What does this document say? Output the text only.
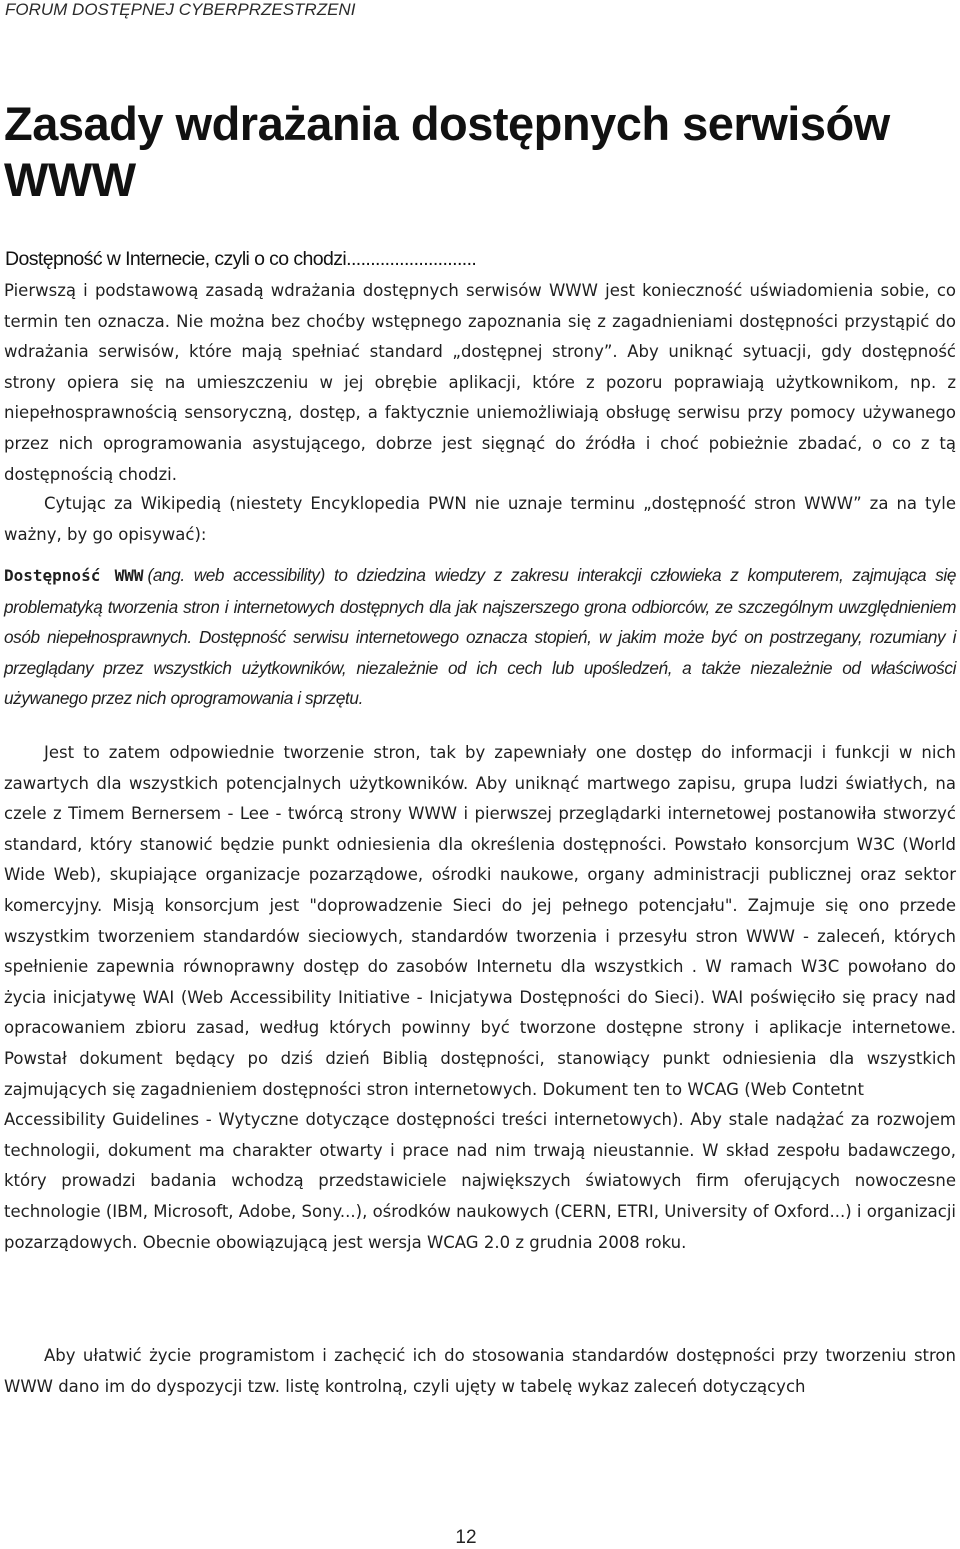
FORUM DOSTĘPNEJ CYBERPRZESTRZENI
Zasady wdrażania dostępnych serwisów WWW
Dostępność w Internecie, czyli o co chodzi...........................

Pierwszą i podstawową zasadą wdrażania dostępnych serwisów WWW jest konieczność uświadomienia sobie, co termin ten oznacza. Nie można bez choćby wstępnego zapoznania się z zagadnieniami dostępności przystąpić do wdrażania serwisów, które mają spełniać standard „dostępnej strony”. Aby uniknąć sytuacji, gdy dostępność strony opiera się na umieszczeniu w jej obrębie aplikacji, które z pozoru poprawiają użytkownikom, np. z niepełnosprawnością sensoryczną, dostęp, a faktycznie uniemożliwiają obsługę serwisu przy pomocy używanego przez nich oprogramowania asystującego, dobrze jest sięgnąć do źródła i choć pobieżnie zbadać, o co z tą dostępnością chodzi.

Cytując za Wikipedią (niestety Encyklopedia PWN nie uznaje terminu „dostępność stron WWW” za na tyle ważny, by go opisywać):

Dostępność WWW (ang. web accessibility) to dziedzina wiedzy z zakresu interakcji człowieka z komputerem, zajmująca się problematyką tworzenia stron i internetowych dostępnych dla jak najszerszego grona odbiorców, ze szczególnym uwzględnieniem osób niepełnosprawnych. Dostępność serwisu internetowego oznacza stopień, w jakim może być on postrzegany, rozumiany i przeglądany przez wszystkich użytkowników, niezależnie od ich cech lub upośledzeń, a także niezależnie od właściwości używanego przez nich oprogramowania i sprzętu.

Jest to zatem odpowiednie tworzenie stron, tak by zapewniały one dostęp do informacji i funkcji w nich zawartych dla wszystkich potencjalnych użytkowników. Aby uniknąć martwego zapisu, grupa ludzi światłych, na czele z Timem Bernersem - Lee - twórcą strony WWW i pierwszej przeglądarki internetowej postanowiła stworzyć standard, który stanowić będzie punkt odniesienia dla określenia dostępności. Powstało konsorcjum W3C (World Wide Web), skupiające organizacje pozarządowe, ośrodki naukowe, organy administracji publicznej oraz sektor komercyjny. Misją konsorcjum jest "doprowadzenie Sieci do jej pełnego potencjału". Zajmuje się ono przede wszystkim tworzeniem standardów sieciowych, standardów tworzenia i przesyłu stron WWW - zaleceń, których spełnienie zapewnia równoprawny dostęp do zasobów Internetu dla wszystkich . W ramach W3C powołano do życia inicjatywę WAI (Web Accessibility Initiative - Inicjatywa Dostępności do Sieci). WAI poświęciło się pracy nad opracowaniem zbioru zasad, według których powinny być tworzone dostępne strony i aplikacje internetowe. Powstał dokument będący po dziś dzień Biblią dostępności, stanowiący punkt odniesienia dla wszystkich zajmujących się zagadnieniem dostępności stron internetowych. Dokument ten to WCAG (Web Contetnt

Accessibility Guidelines - Wytyczne dotyczące dostępności treści internetowych). Aby stale nadążać za rozwojem technologii, dokument ma charakter otwarty i prace nad nim trwają nieustannie. W skład zespołu badawczego, który prowadzi badania wchodzą przedstawiciele największych światowych firm oferujących nowoczesne technologie (IBM, Microsoft, Adobe, Sony...), ośrodków naukowych (CERN, ETRI, University of Oxford...) i organizacji pozarządowych. Obecnie obowiązującą jest wersja WCAG 2.0 z grudnia 2008 roku.

Aby ułatwić życie programistom i zachęcić ich do stosowania standardów dostępności przy tworzeniu stron WWW dano im do dyspozycji tzw. listę kontrolną, czyli ujęty w tabelę wykaz zaleceń dotyczących

12
